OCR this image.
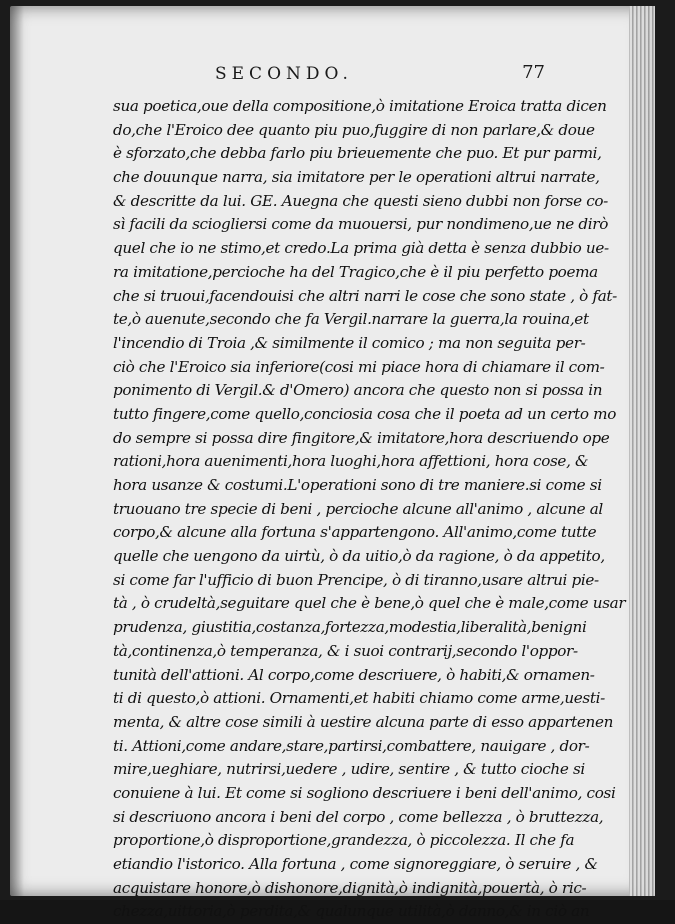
SECONDO.	77
sua poetica,oue della compositione,ò imitatione Eroica tratta dicen
do,che l'Eroico dee quanto piu puo,fuggire di non parlare,& doue
è sforzato,che debba farlo piu brieuemente che puo. Et pur parmi,
che douunque narra, sia imitatore per le operationi altrui narrate,
& descritte da lui. GE. Auegna che questi sieno dubbi non forse co-
sì facili da sciogliersi come da muouersi, pur nondimeno,ue ne dirò
quel che io ne stimo,et credo.La prima già detta è senza dubbio ue-
ra imitatione,percioche ha del Tragico,che è il piu perfetto poema
che si truoui,facendouisi che altri narri le cose che sono state , ò fat-
te,ò auenute,secondo che fa Vergil.narrare la guerra,la rouina,et
l'incendio di Troia ,& similmente il comico ; ma non seguita per-
ciò che l'Eroico sia inferiore(cosi mi piace hora di chiamare il com-
ponimento di Vergil.& d'Omero) ancora che questo non si possa in
tutto fingere,come quello,conciosia cosa che il poeta ad un certo mo
do sempre si possa dire fingitore,& imitatore,hora descriuendo ope
rationi,hora auenimenti,hora luoghi,hora affettioni, hora cose, &
hora usanze & costumi.L'operationi sono di tre maniere.si come si
truouano tre specie di beni , percioche alcune all'animo , alcune al
corpo,& alcune alla fortuna s'appartengono. All'animo,come tutte
quelle che uengono da uirtù, ò da uitio,ò da ragione, ò da appetito,
si come far l'ufficio di buon Prencipe, ò di tiranno,usare altrui pie-
tà , ò crudeltà,seguitare quel che è bene,ò quel che è male,come usar
prudenza, giustitia,costanza,fortezza,modestia,liberalità,benigni
tà,continenza,ò temperanza, & i suoi contrarij,secondo l'oppor-
tunità dell'attioni. Al corpo,come descriuere, ò habiti,& ornamen-
ti di questo,ò attioni. Ornamenti,et habiti chiamo come arme,uesti-
menta, & altre cose simili à uestire alcuna parte di esso appartenen
ti. Attioni,come andare,stare,partirsi,combattere, nauigare , dor-
mire,ueghiare, nutrirsi,uedere , udire, sentire , & tutto cioche si
conuiene à lui. Et come si sogliono descriuere i beni dell'animo, cosi
si descriuono ancora i beni del corpo , come bellezza , ò bruttezza,
proportione,ò disproportione,grandezza, ò piccolezza. Il che fa
etiandio l'istorico. Alla fortuna , come signoreggiare, ò seruire , &
acquistare honore,ò dishonore,dignità,ò indignità,pouertà, ò ric-
chezza,uittoria,ò perdita,& qualunque utilità,ò danno,& in ciò an
